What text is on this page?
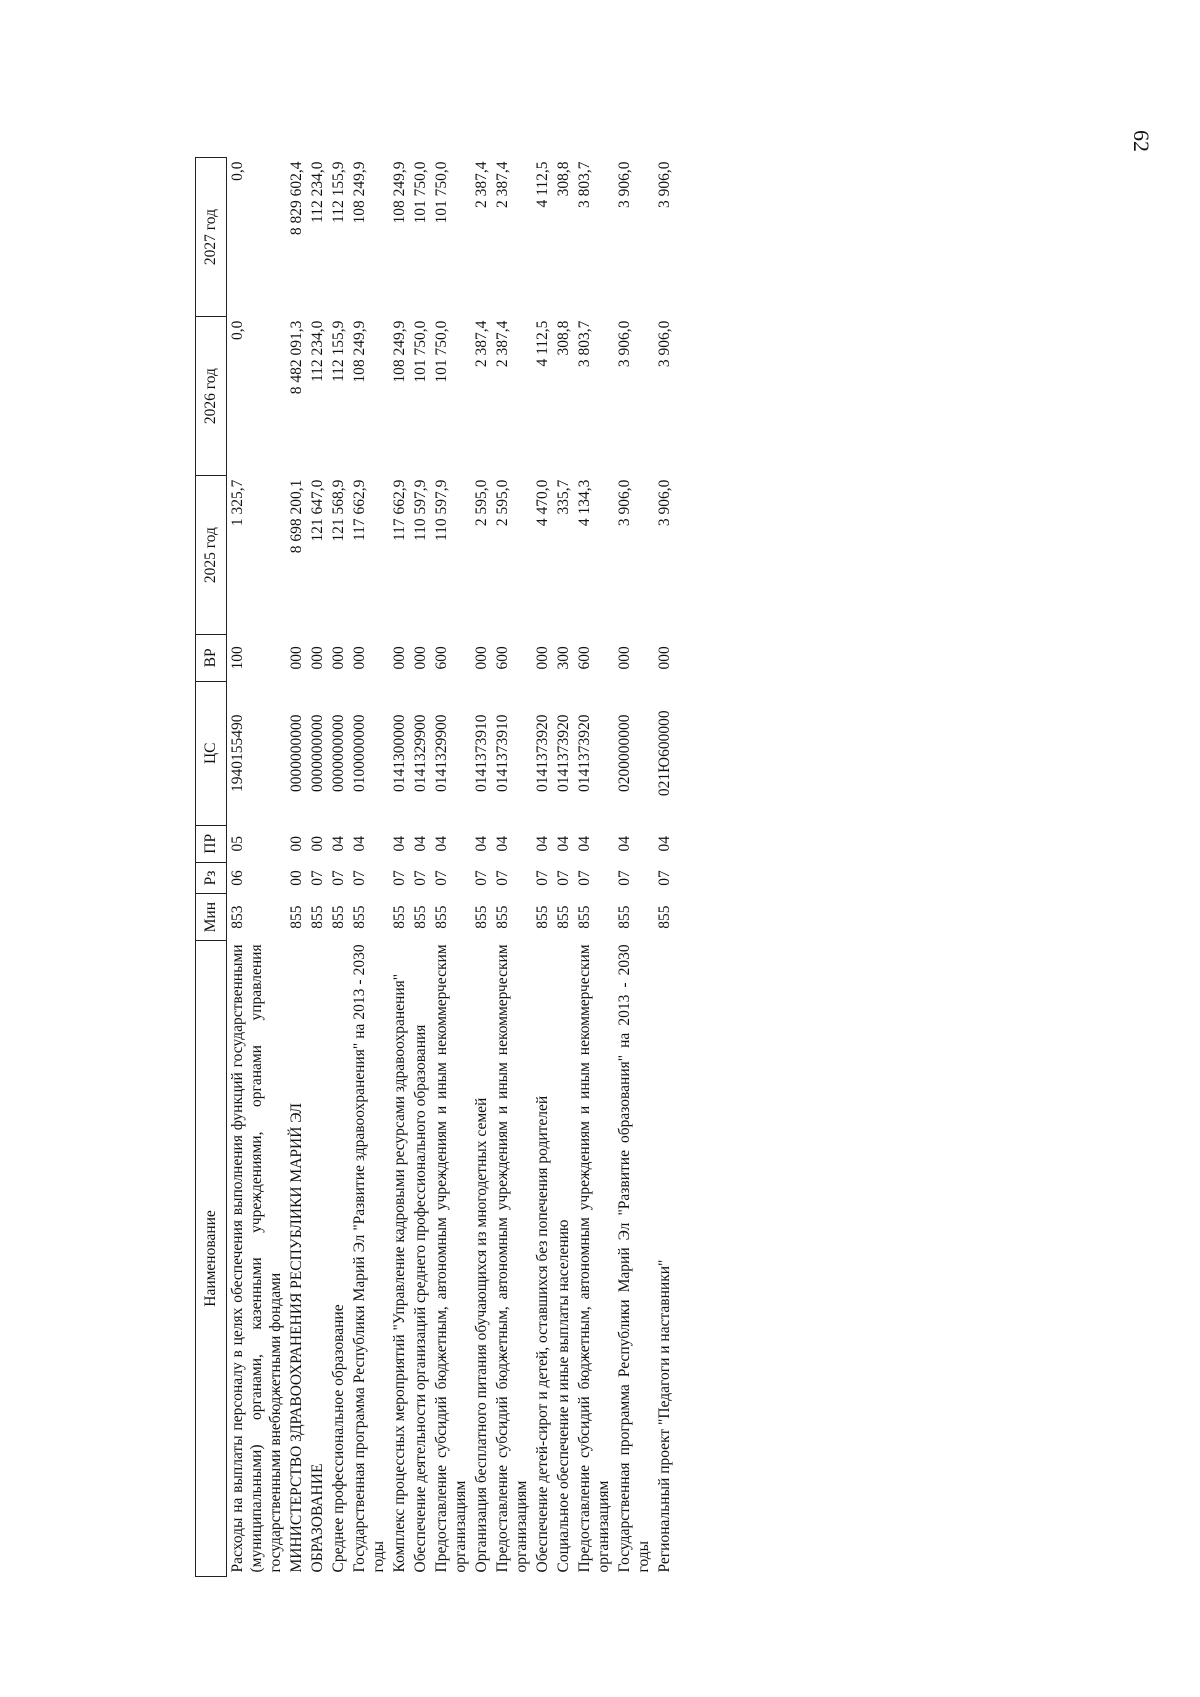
62
Наименование	Мин	Рз	ПР	ЦС	ВР	2025 год	2026 год	2027 год
Расходы на выплаты персоналу в целях обеспечения выполнения функций государственными (муниципальными) органами, казенными учреждениями, органами управления государственными внебюджетными фондами	853	06	05	1940155490	100	1 325,7	0,0	0,0
МИНИСТЕРСТВО ЗДРАВООХРАНЕНИЯ РЕСПУБЛИКИ МАРИЙ ЭЛ	855	00	00	0000000000	000	8 698 200,1	8 482 091,3	8 829 602,4
ОБРАЗОВАНИЕ	855	07	00	0000000000	000	121 647,0	112 234,0	112 234,0
Среднее профессиональное образование	855	07	04	0000000000	000	121 568,9	112 155,9	112 155,9
Государственная программа Республики Марий Эл "Развитие здравоохранения" на 2013 - 2030 годы	855	07	04	0100000000	000	117 662,9	108 249,9	108 249,9
Комплекс процессных мероприятий "Управление кадровыми ресурсами здравоохранения"	855	07	04	0141300000	000	117 662,9	108 249,9	108 249,9
Обеспечение деятельности организаций среднего профессионального образования	855	07	04	0141329900	000	110 597,9	101 750,0	101 750,0
Предоставление субсидий бюджетным, автономным учреждениям и иным некоммерческим организациям	855	07	04	0141329900	600	110 597,9	101 750,0	101 750,0
Организация бесплатного питания обучающихся из многодетных семей	855	07	04	0141373910	000	2 595,0	2 387,4	2 387,4
Предоставление субсидий бюджетным, автономным учреждениям и иным некоммерческим организациям	855	07	04	0141373910	600	2 595,0	2 387,4	2 387,4
Обеспечение детей-сирот и детей, оставшихся без попечения родителей	855	07	04	0141373920	000	4 470,0	4 112,5	4 112,5
Социальное обеспечение и иные выплаты населению	855	07	04	0141373920	300	335,7	308,8	308,8
Предоставление субсидий бюджетным, автономным учреждениям и иным некоммерческим организациям	855	07	04	0141373920	600	4 134,3	3 803,7	3 803,7
Государственная программа Республики Марий Эл "Развитие образования" на 2013 - 2030 годы	855	07	04	0200000000	000	3 906,0	3 906,0	3 906,0
Региональный проект "Педагоги и наставники"	855	07	04	021Ю600000	000	3 906,0	3 906,0	3 906,0
